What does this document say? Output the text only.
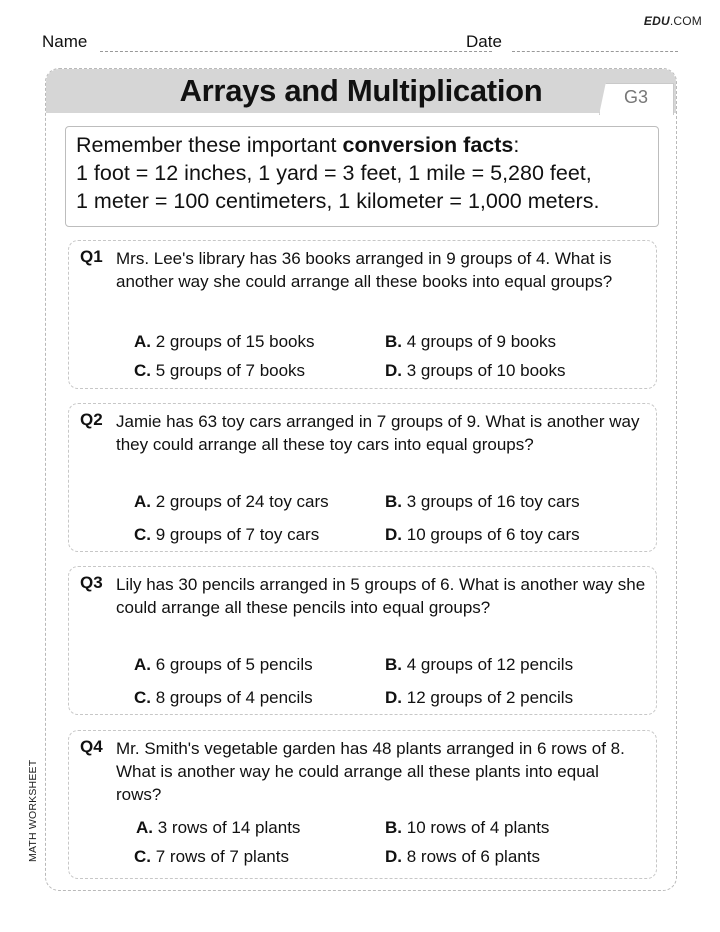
EDU.COM
Name	Date
Arrays and Multiplication	G3
Remember these important conversion facts:
1 foot = 12 inches, 1 yard = 3 feet, 1 mile = 5,280 feet,
1 meter = 100 centimeters, 1 kilometer = 1,000 meters.
Q1 Mrs. Lee's library has 36 books arranged in 9 groups of 4. What is another way she could arrange all these books into equal groups?
A. 2 groups of 15 books	B. 4 groups of 9 books
C. 5 groups of 7 books	D. 3 groups of 10 books
Q2 Jamie has 63 toy cars arranged in 7 groups of 9. What is another way they could arrange all these toy cars into equal groups?
A. 2 groups of 24 toy cars	B. 3 groups of 16 toy cars
C. 9 groups of 7 toy cars	D. 10 groups of 6 toy cars
Q3 Lily has 30 pencils arranged in 5 groups of 6. What is another way she could arrange all these pencils into equal groups?
A. 6 groups of 5 pencils	B. 4 groups of 12 pencils
C. 8 groups of 4 pencils	D. 12 groups of 2 pencils
Q4 Mr. Smith's vegetable garden has 48 plants arranged in 6 rows of 8. What is another way he could arrange all these plants into equal rows?
A. 3 rows of 14 plants	B. 10 rows of 4 plants
C. 7 rows of 7 plants	D. 8 rows of 6 plants
MATH WORKSHEET
